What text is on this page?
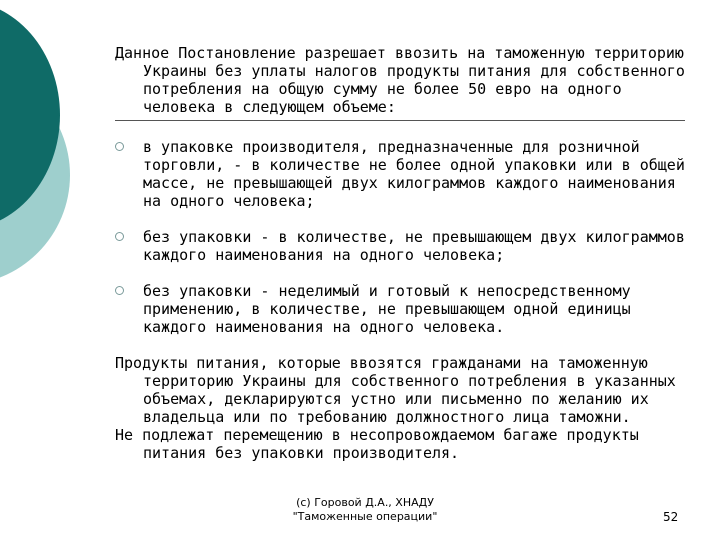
Данное Постановление разрешает ввозить на таможенную территорию Украины без уплаты налогов продукты питания для собственного потребления на общую сумму не более 50 евро на одного человека в следующем объеме:

в упаковке производителя, предназначенные для розничной торговли, - в количестве не более одной упаковки или в общей массе, не превышающей двух килограммов каждого наименования на одного человека;
без упаковки - в количестве, не превышающем двух килограммов каждого наименования на одного человека;
без упаковки - неделимый и готовый к непосредственному применению, в количестве, не превышающем одной единицы каждого наименования на одного человека.

Продукты питания, которые ввозятся гражданами на таможенную территорию Украины для собственного потребления в указанных объемах, декларируются устно или письменно по желанию их владельца или по требованию должностного лица таможни.

Не подлежат перемещению в несопровождаемом багаже продукты питания без упаковки производителя.

(c) Горовой Д.А., ХНАДУ
"Таможенные операции"	52
